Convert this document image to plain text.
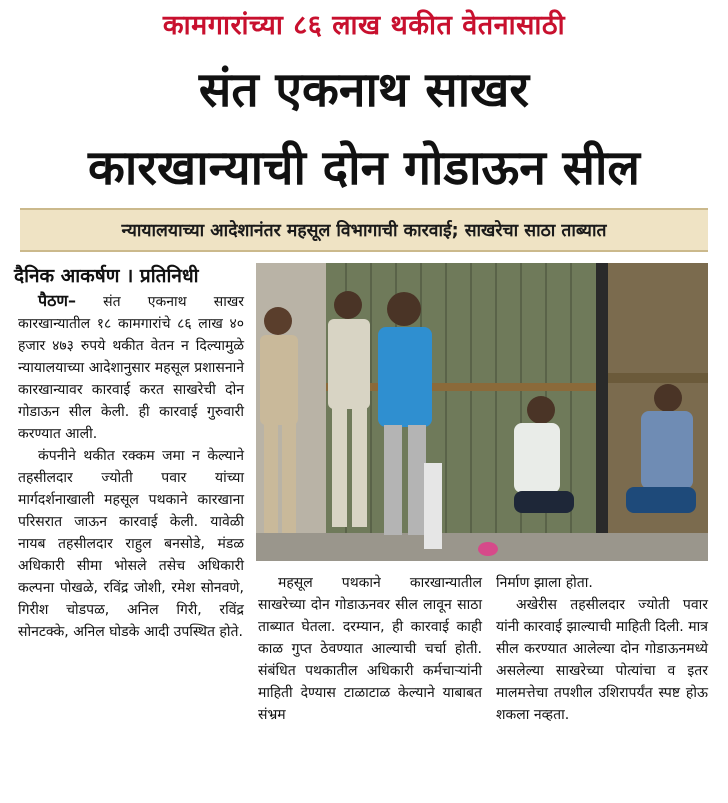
कामगारांच्या ८६ लाख थकीत वेतनासाठी
संत एकनाथ साखर
कारखान्याची दोन गोडाऊन सील
न्यायालयाच्या आदेशानंतर महसूल विभागाची कारवाई; साखरेचा साठा ताब्यात
दैनिक आकर्षण । प्रतिनिधी

पैठण– संत एकनाथ साखर कारखान्यातील १८ कामगारांचे ८६ लाख ४० हजार ४७३ रुपये थकीत वेतन न दिल्यामुळे न्यायालयाच्या आदेशानुसार महसूल प्रशासनाने कारखान्यावर कारवाई करत साखरेची दोन गोडाऊन सील केली. ही कारवाई गुरुवारी करण्यात आली.

कंपनीने थकीत रक्कम जमा न केल्याने तहसीलदार ज्योती पवार यांच्या मार्गदर्शनाखाली महसूल पथकाने कारखाना परिसरात जाऊन कारवाई केली. यावेळी नायब तहसीलदार राहुल बनसोडे, मंडळ अधिकारी सीमा भोसले तसेच अधिकारी कल्पना पोखळे, रविंद्र जोशी, रमेश सोनवणे, गिरीश चोडपळ, अनिल गिरी, रविंद्र सोनटक्के, अनिल घोडके आदी उपस्थित होते.

महसूल पथकाने कारखान्यातील साखरेच्या दोन गोडाऊनवर सील लावून साठा ताब्यात घेतला. दरम्यान, ही कारवाई काही काळ गुप्त ठेवण्यात आल्याची चर्चा होती. संबंधित पथकातील अधिकारी कर्मचाऱ्यांनी माहिती देण्यास टाळाटाळ केल्याने याबाबत संभ्रम

निर्माण झाला होता.

अखेरीस तहसीलदार ज्योती पवार यांनी कारवाई झाल्याची माहिती दिली. मात्र सील करण्यात आलेल्या दोन गोडाऊनमध्ये असलेल्या साखरेच्या पोत्यांचा व इतर मालमत्तेचा तपशील उशिरापर्यंत स्पष्ट होऊ शकला नव्हता.
